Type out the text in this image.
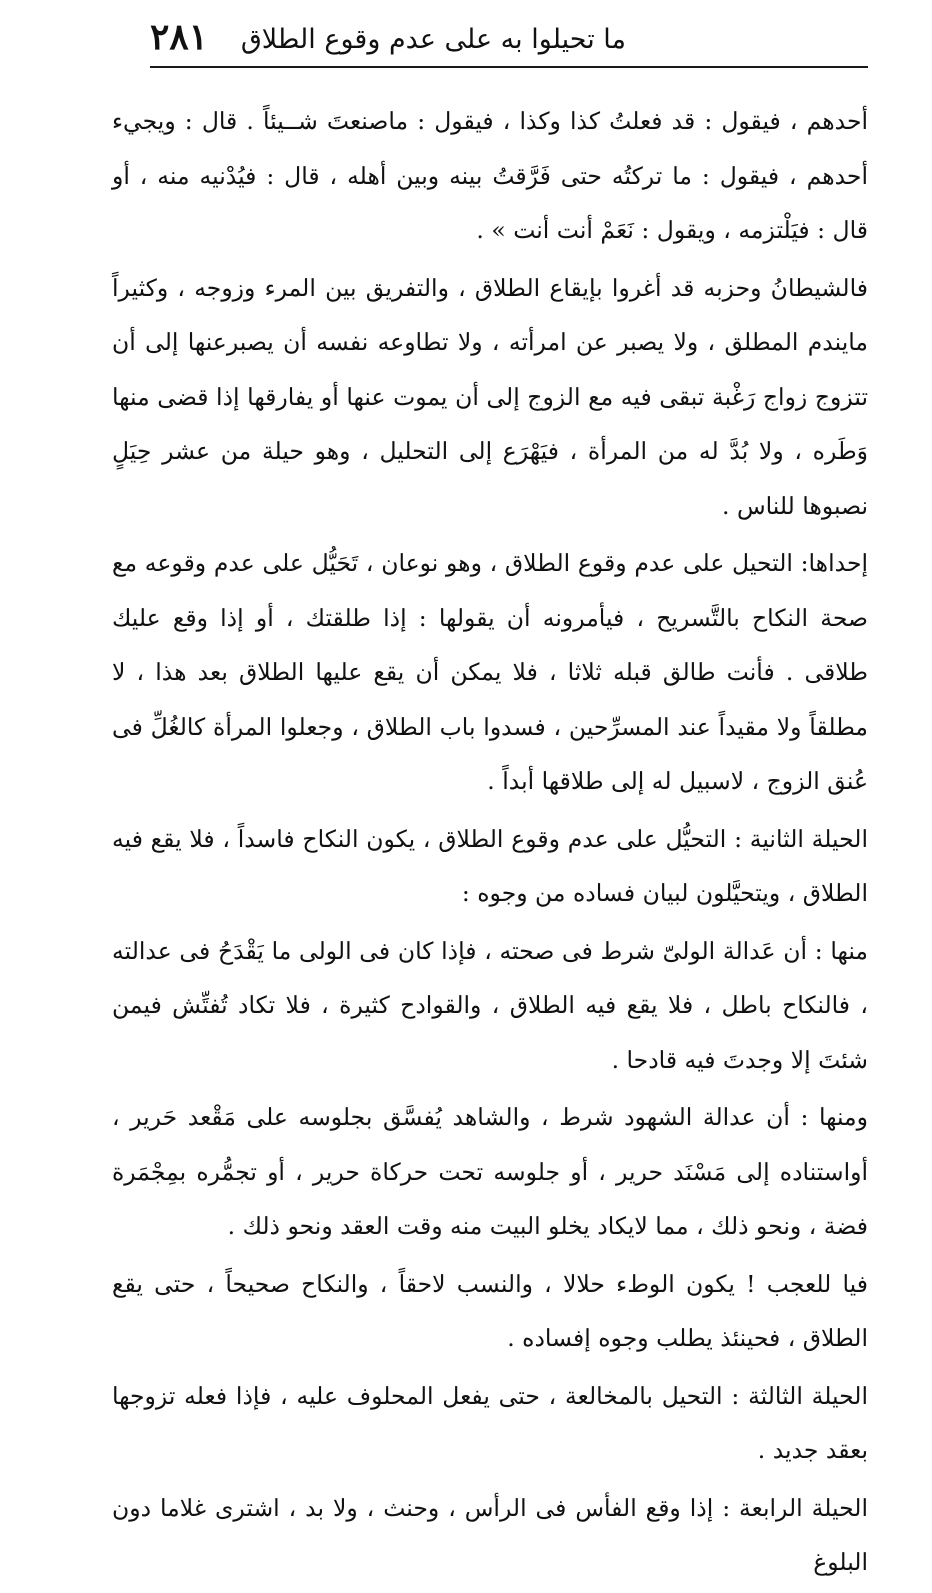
ما تحيلوا به على عدم وقوع الطلاق
٢٨١

أحدهم ، فيقول : قد فعلتُ كذا وكذا ، فيقول : ماصنعتَ شــيئاً . قال : ويجيء أحدهم ، فيقول : ما تركتُه حتى فَرَّقتُ بينه وبين أهله ، قال : فيُدْنيه منه ، أو قال : فيَلْتزمه ، ويقول : نَعَمْ أنت أنت » .

فالشيطانُ وحزبه قد أغروا بإيقاع الطلاق ، والتفريق بين المرء وزوجه ، وكثيراً مايندم المطلق ، ولا يصبر عن امرأته ، ولا تطاوعه نفسه أن يصبرعنها إلى أن تتزوج زواج رَغْبة تبقى فيه مع الزوج إلى أن يموت عنها أو يفارقها إذا قضى منها وَطَره ، ولا بُدَّ له من المرأة ، فيَهْرَع إلى التحليل ، وهو حيلة من عشر حِيَلٍ نصبوها للناس .

إحداها: التحيل على عدم وقوع الطلاق ، وهو نوعان ، تَحَيُّل على عدم وقوعه مع صحة النكاح بالتَّسريح ، فيأمرونه أن يقولها : إذا طلقتك ، أو إذا وقع عليك طلاقى . فأنت طالق قبله ثلاثا ، فلا يمكن أن يقع عليها الطلاق بعد هذا ، لا مطلقاً ولا مقيداً عند المسرِّحين ، فسدوا باب الطلاق ، وجعلوا المرأة كالغُلِّ فى عُنق الزوج ، لاسبيل له إلى طلاقها أبداً .

الحيلة الثانية : التحيُّل على عدم وقوع الطلاق ، يكون النكاح فاسداً ، فلا يقع فيه الطلاق ، ويتحيَّلون لبيان فساده من وجوه :

منها : أن عَدالة الولىّ شرط فى صحته ، فإذا كان فى الولى ما يَقْدَحُ فى عدالته ، فالنكاح باطل ، فلا يقع فيه الطلاق ، والقوادح كثيرة ، فلا تكاد تُفتِّش فيمن شئتَ إلا وجدتَ فيه قادحا .

ومنها : أن عدالة الشهود شرط ، والشاهد يُفسَّق بجلوسه على مَقْعد حَرير ، أواستناده إلى مَسْنَد حرير ، أو جلوسه تحت حركاة حرير ، أو تجمُّره بمِجْمَرة فضة ، ونحو ذلك ، مما لايكاد يخلو البيت منه وقت العقد ونحو ذلك .

فيا للعجب ! يكون الوطء حلالا ، والنسب لاحقاً ، والنكاح صحيحاً ، حتى يقع الطلاق ، فحينئذ يطلب وجوه إفساده .

الحيلة الثالثة : التحيل بالمخالعة ، حتى يفعل المحلوف عليه ، فإذا فعله تزوجها بعقد جديد .

الحيلة الرابعة : إذا وقع الفأس فى الرأس ، وحنث ، ولا بد ، اشترى غلاما دون البلوغ
